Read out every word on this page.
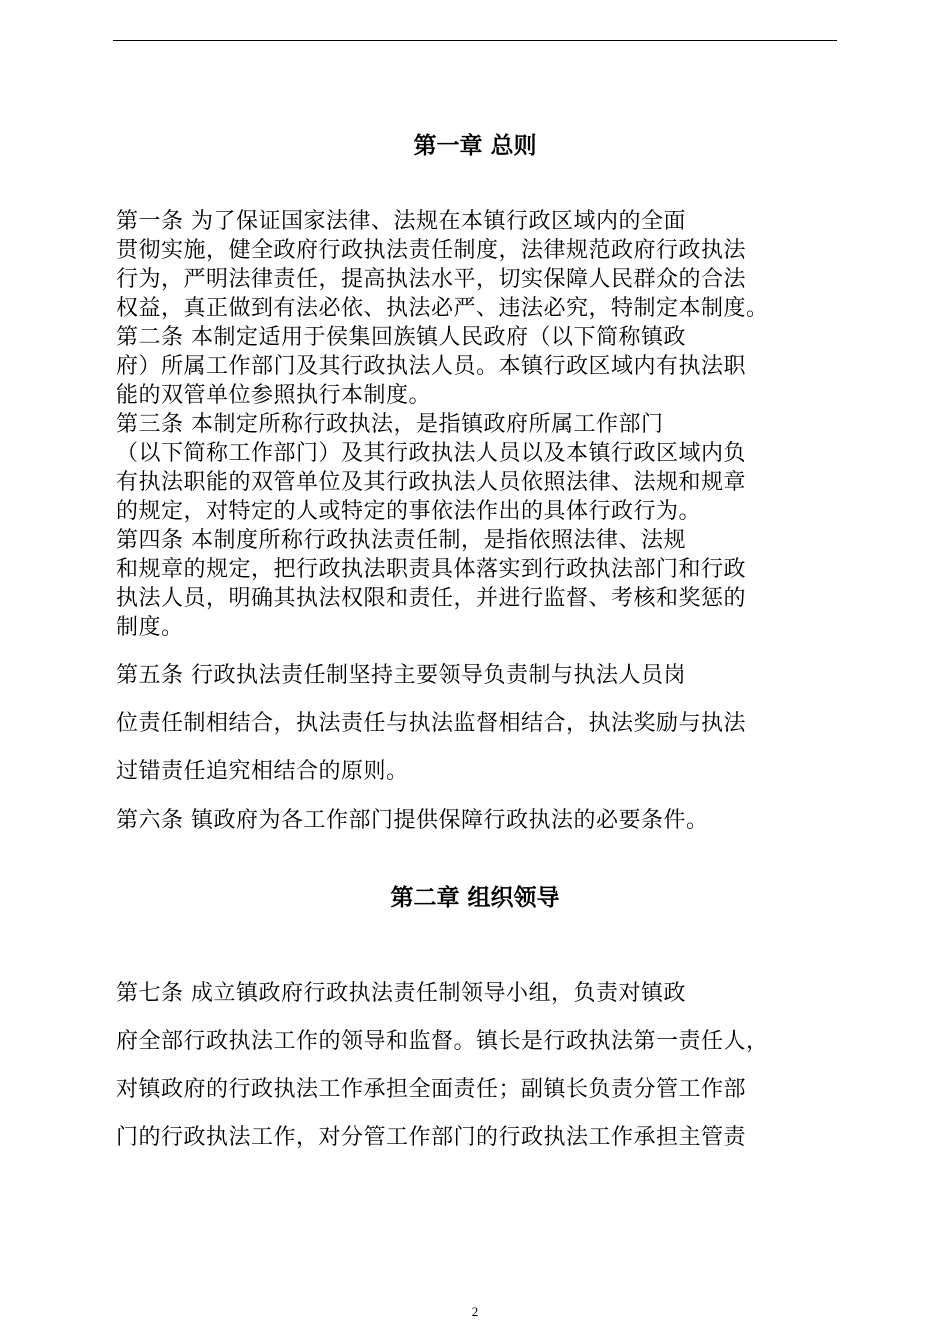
第一章 总则
第一条 为了保证国家法律、法规在本镇行政区域内的全面
贯彻实施，健全政府行政执法责任制度，法律规范政府行政执法
行为，严明法律责任，提高执法水平，切实保障人民群众的合法
权益，真正做到有法必依、执法必严、违法必究，特制定本制度。
第二条 本制定适用于侯集回族镇人民政府（以下简称镇政
府）所属工作部门及其行政执法人员。本镇行政区域内有执法职
能的双管单位参照执行本制度。
第三条 本制定所称行政执法，是指镇政府所属工作部门
（以下简称工作部门）及其行政执法人员以及本镇行政区域内负
有执法职能的双管单位及其行政执法人员依照法律、法规和规章
的规定，对特定的人或特定的事依法作出的具体行政行为。
第四条 本制度所称行政执法责任制，是指依照法律、法规
和规章的规定，把行政执法职责具体落实到行政执法部门和行政
执法人员，明确其执法权限和责任，并进行监督、考核和奖惩的
制度。
第五条 行政执法责任制坚持主要领导负责制与执法人员岗
位责任制相结合，执法责任与执法监督相结合，执法奖励与执法
过错责任追究相结合的原则。
第六条 镇政府为各工作部门提供保障行政执法的必要条件。
第二章 组织领导
第七条 成立镇政府行政执法责任制领导小组，负责对镇政
府全部行政执法工作的领导和监督。镇长是行政执法第一责任人，
对镇政府的行政执法工作承担全面责任；副镇长负责分管工作部
门的行政执法工作，对分管工作部门的行政执法工作承担主管责
2
